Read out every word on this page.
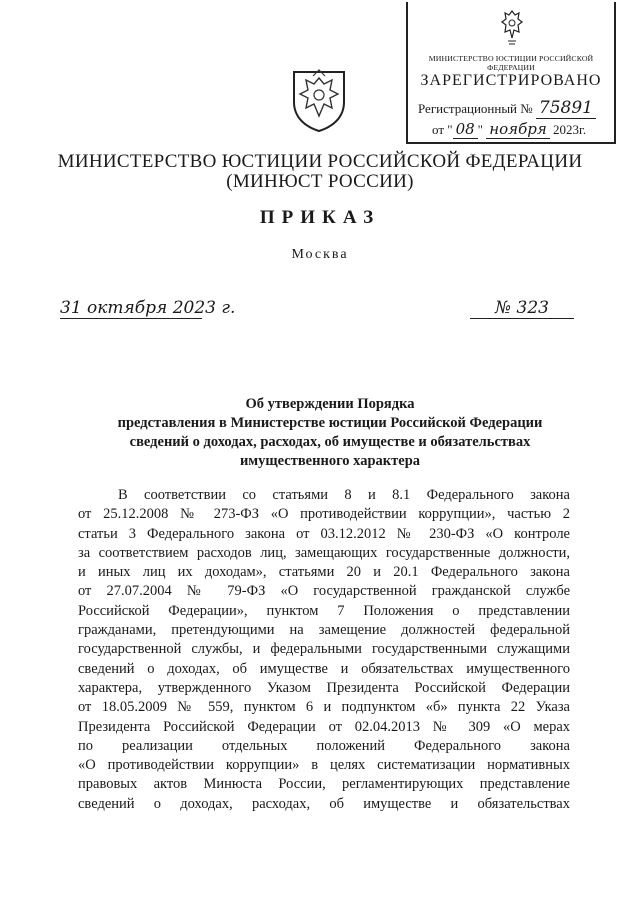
МИНИСТЕРСТВО ЮСТИЦИИ РОССИЙСКОЙ ФЕДЕРАЦИИ
ЗАРЕГИСТРИРОВАНО
Регистрационный № 75891
от " 08 " ноября 2023г.
МИНИСТЕРСТВО ЮСТИЦИИ РОССИЙСКОЙ ФЕДЕРАЦИИ
(МИНЮСТ РОССИИ)
ПРИКАЗ
Москва
31 октября 2023 г.	№ 323
Об утверждении Порядка
представления в Министерстве юстиции Российской Федерации
сведений о доходах, расходах, об имуществе и обязательствах
имущественного характера
В соответствии со статьями 8 и 8.1 Федерального закона
от 25.12.2008 № 273-ФЗ «О противодействии коррупции», частью 2
статьи 3 Федерального закона от 03.12.2012 № 230-ФЗ «О контроле
за соответствием расходов лиц, замещающих государственные должности,
и иных лиц их доходам», статьями 20 и 20.1 Федерального закона
от 27.07.2004 № 79-ФЗ «О государственной гражданской службе
Российской Федерации», пунктом 7 Положения о представлении
гражданами, претендующими на замещение должностей федеральной
государственной службы, и федеральными государственными служащими
сведений о доходах, об имуществе и обязательствах имущественного
характера, утвержденного Указом Президента Российской Федерации
от 18.05.2009 № 559, пунктом 6 и подпунктом «б» пункта 22 Указа
Президента Российской Федерации от 02.04.2013 № 309 «О мерах
по реализации отдельных положений Федерального закона
«О противодействии коррупции» в целях систематизации нормативных
правовых актов Минюста России, регламентирующих представление
сведений о доходах, расходах, об имуществе и обязательствах
